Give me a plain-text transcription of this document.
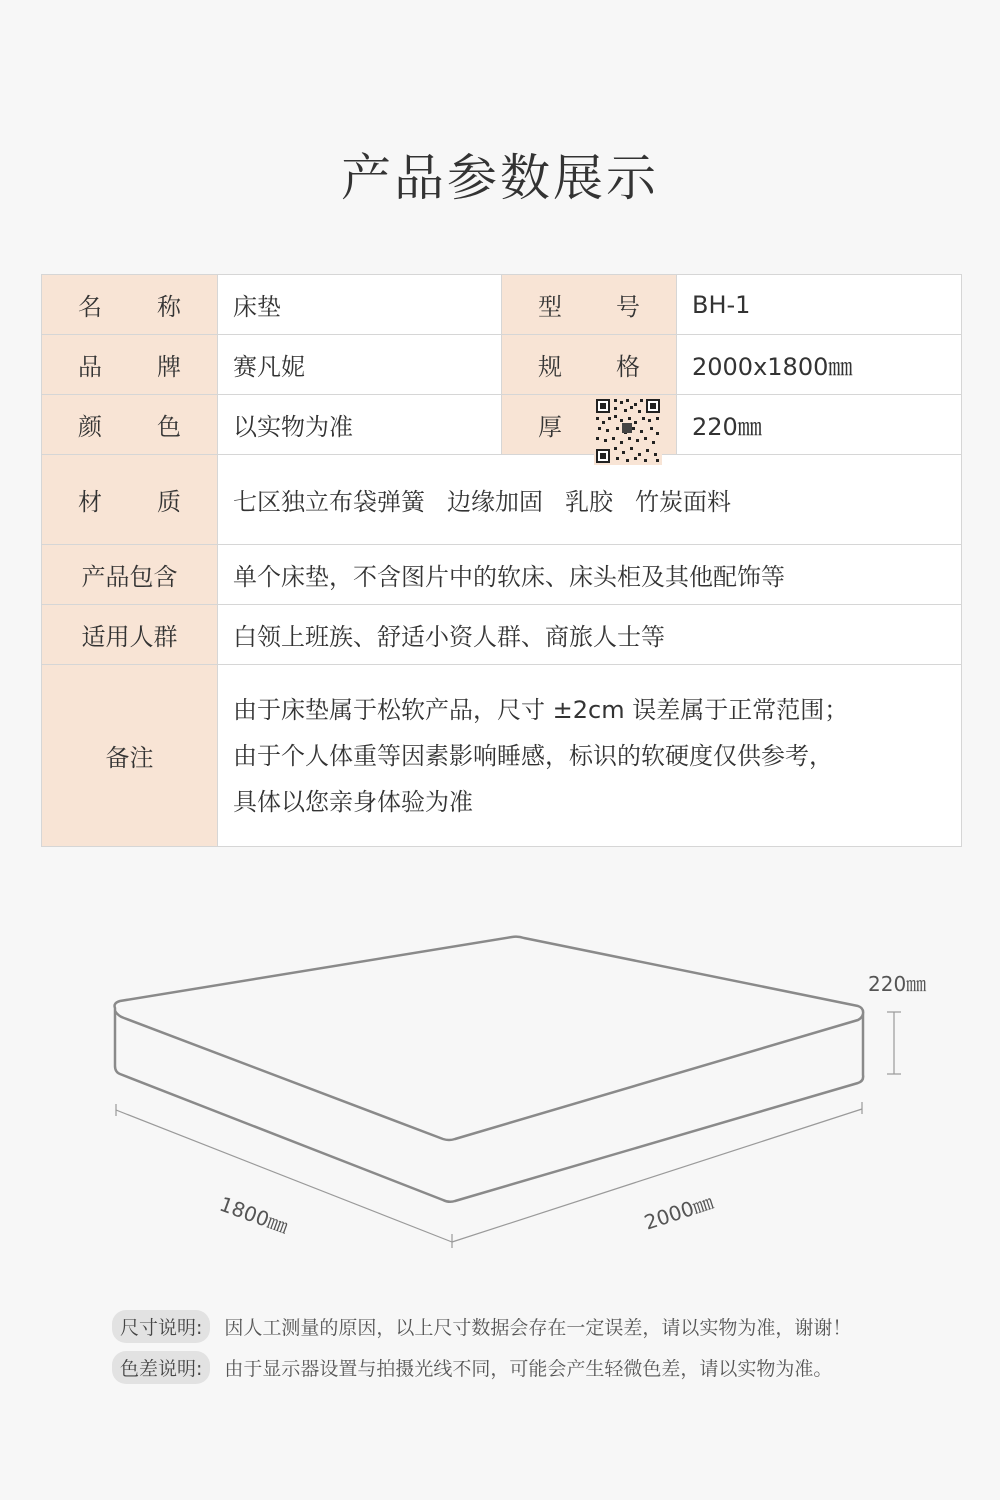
产品参数展示
名 称	床垫	型 号	BH-1

品 牌	赛凡妮	规 格	2000x1800㎜

颜 色	以实物为准	厚	220㎜

材 质	七区独立布袋弹簧 边缘加固 乳胶 竹炭面料		
产品包含	单个床垫，不含图片中的软床、床头柜及其他配饰等		
适用人群	白领上班族、舒适小资人群、商旅人士等		
备注	由于床垫属于松软产品，尺寸 ±2cm 误差属于正常范围；
由于个人体重等因素影响睡感，标识的软硬度仅供参考，
具体以您亲身体验为准		
220㎜
1800㎜	2000㎜
尺寸说明:	因人工测量的原因，以上尺寸数据会存在一定误差，请以实物为准，谢谢！
色差说明:	由于显示器设置与拍摄光线不同，可能会产生轻微色差，请以实物为准。
